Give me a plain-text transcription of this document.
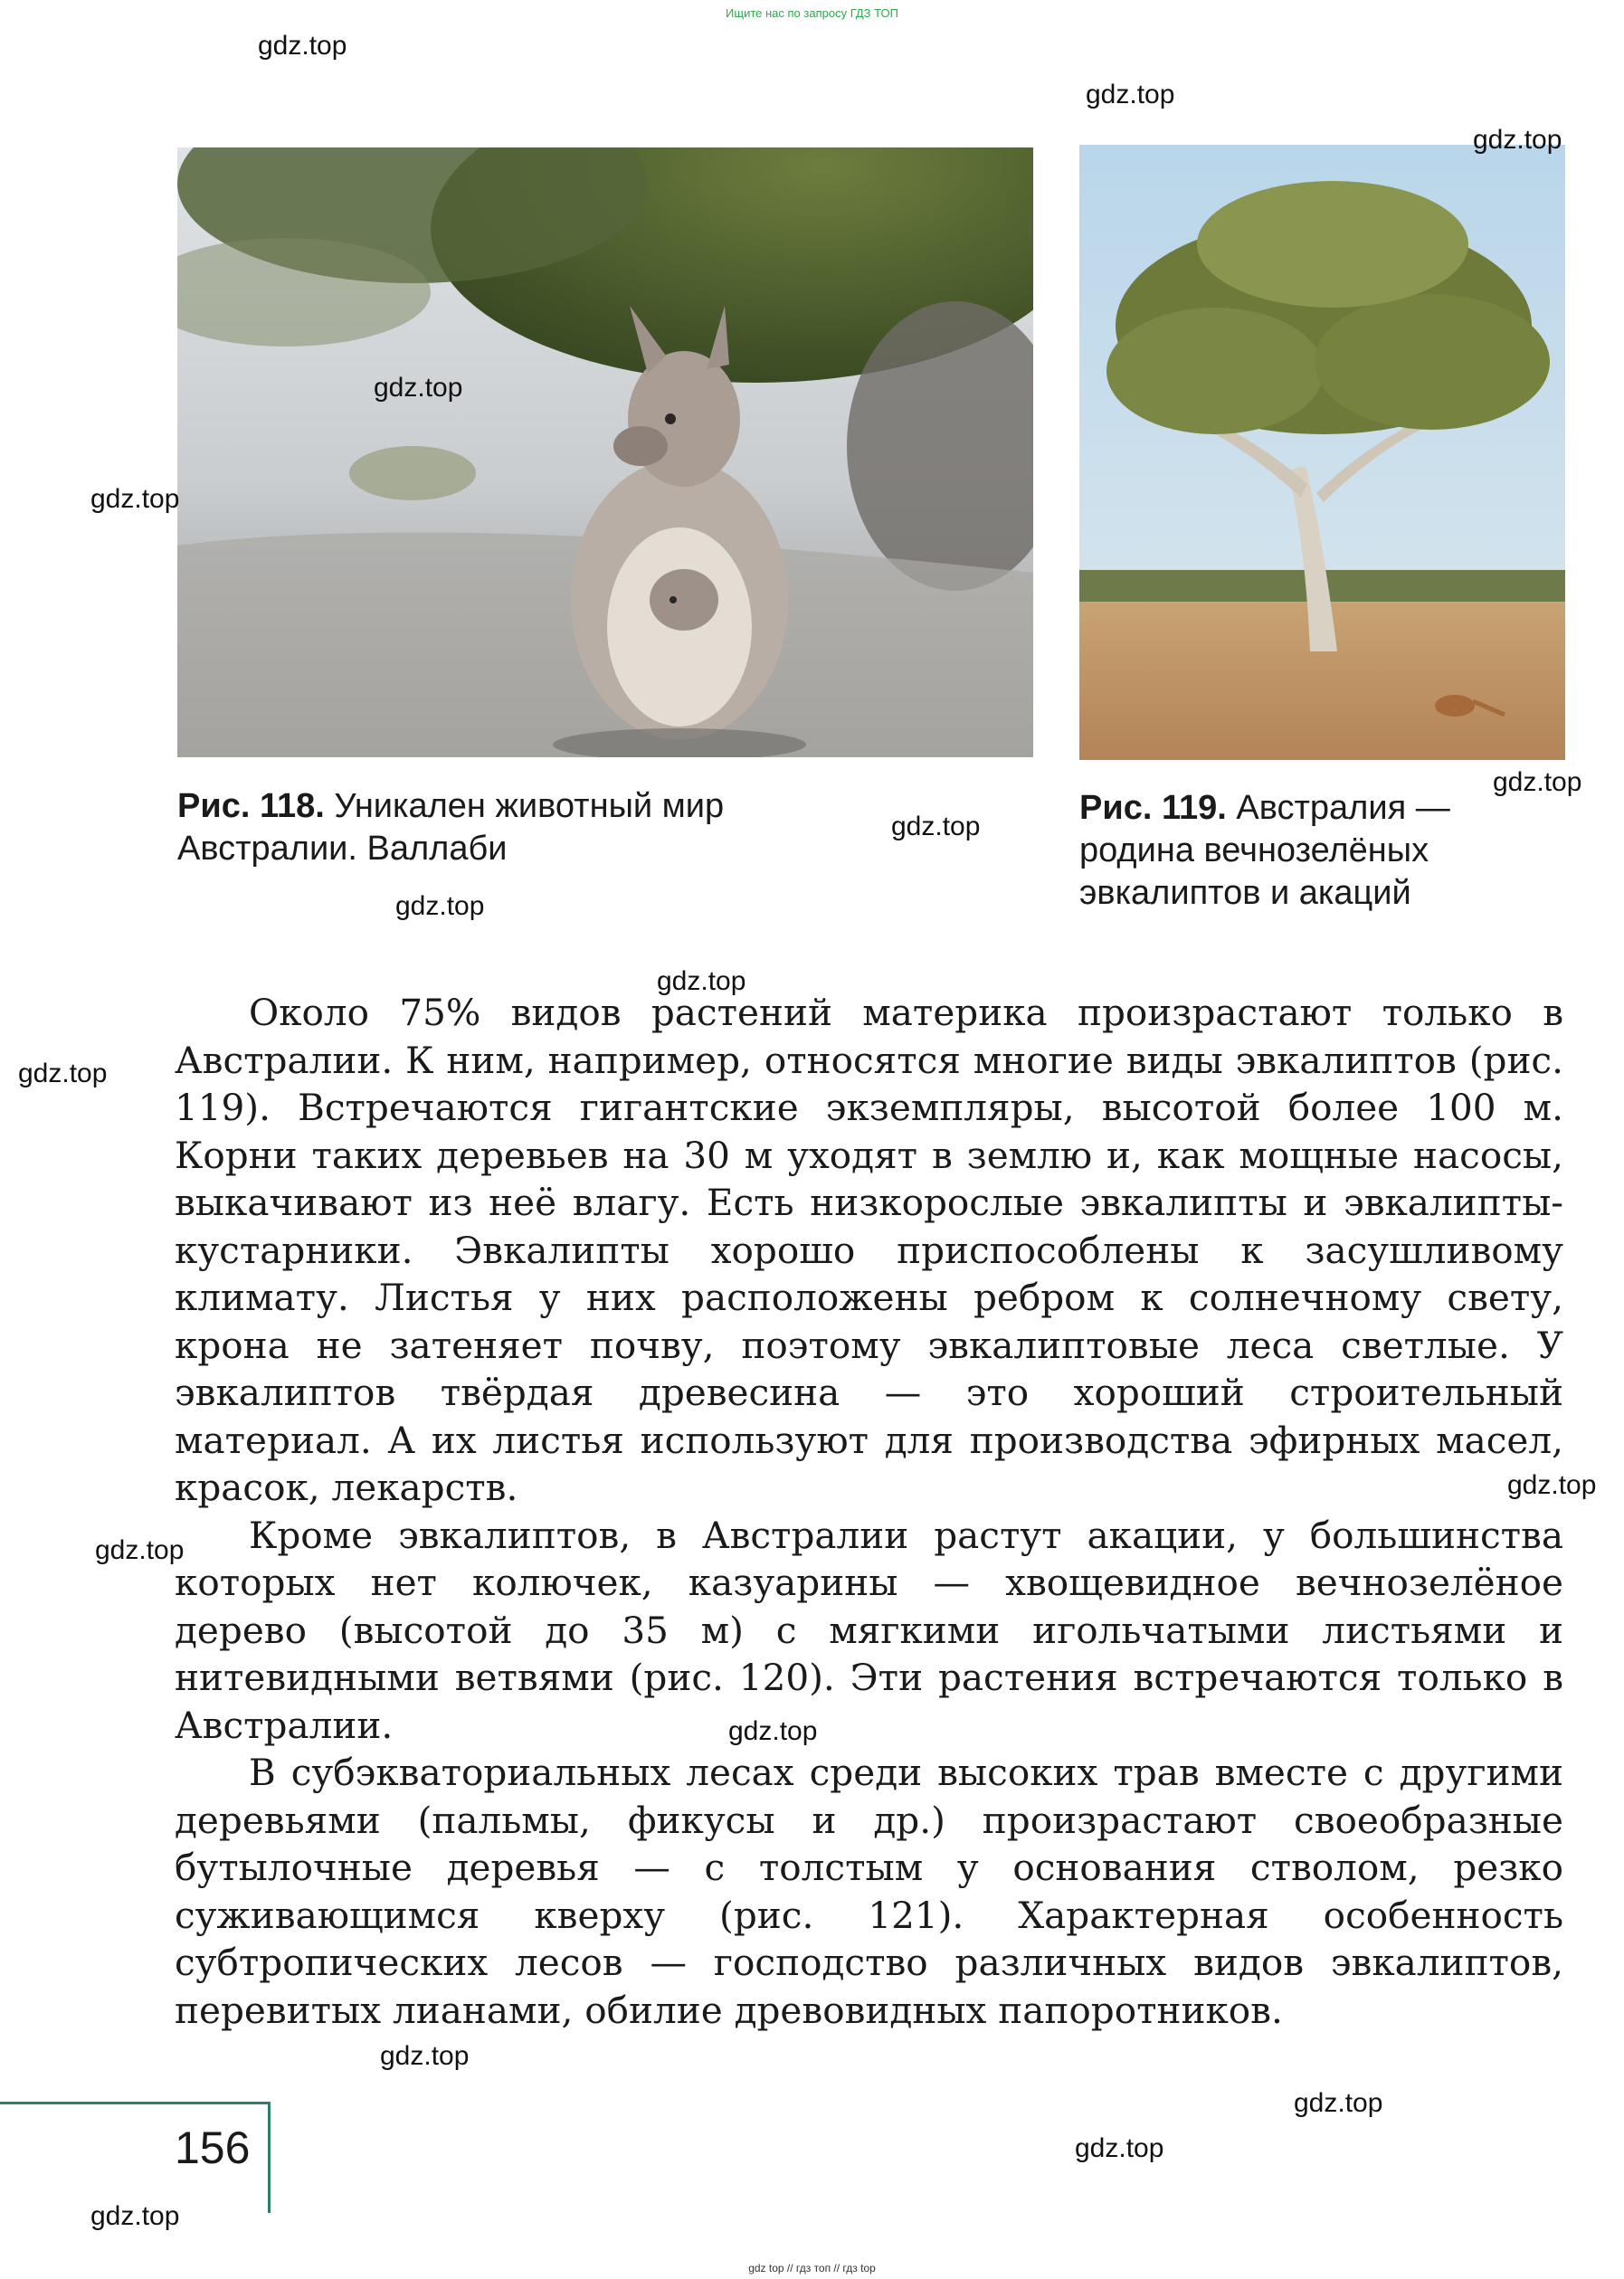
Ищите нас по запросу ГДЗ ТОП
Рис. 118. Уникален животный мир
Австралии. Валлаби
Рис. 119. Австралия —
родина вечнозелёных
эвкалиптов и акаций

Около 75% видов растений материка произрастают только в Австралии. К ним, например, относятся многие виды эвкалиптов (рис. 119). Встречаются гигантские экземпляры, высотой более 100 м. Корни таких деревьев на 30 м уходят в землю и, как мощные насосы, выкачивают из неё влагу. Есть низкорослые эвкалипты и эвкалипты-кустарники. Эвкалипты хорошо приспособлены к засушливому климату. Листья у них расположены ребром к солнечному свету, крона не затеняет почву, поэтому эвкалиптовые леса светлые. У эвкалиптов твёрдая древесина — это хороший строительный материал. А их листья используют для производства эфирных масел, красок, лекарств.

Кроме эвкалиптов, в Австралии растут акации, у большинства которых нет колючек, казуарины — хвощевидное вечнозелёное дерево (высотой до 35 м) с мягкими игольчатыми листьями и нитевидными ветвями (рис. 120). Эти растения встречаются только в Австралии.

В субэкваториальных лесах среди высоких трав вместе с другими деревьями (пальмы, фикусы и др.) произрастают своеобразные бутылочные деревья — с толстым у основания стволом, резко суживающимся кверху (рис. 121). Характерная особенность субтропических лесов — господство различных видов эвкалиптов, перевитых лианами, обилие древовидных папоротников.

156
gdz.top
gdz.top
gdz.top
gdz.top
gdz.top
gdz.top
gdz.top
gdz.top
gdz.top
gdz.top
gdz.top
gdz.top
gdz.top
gdz.top
gdz.top
gdz.top
gdz.top
gdz top // гдз топ // гдз top
